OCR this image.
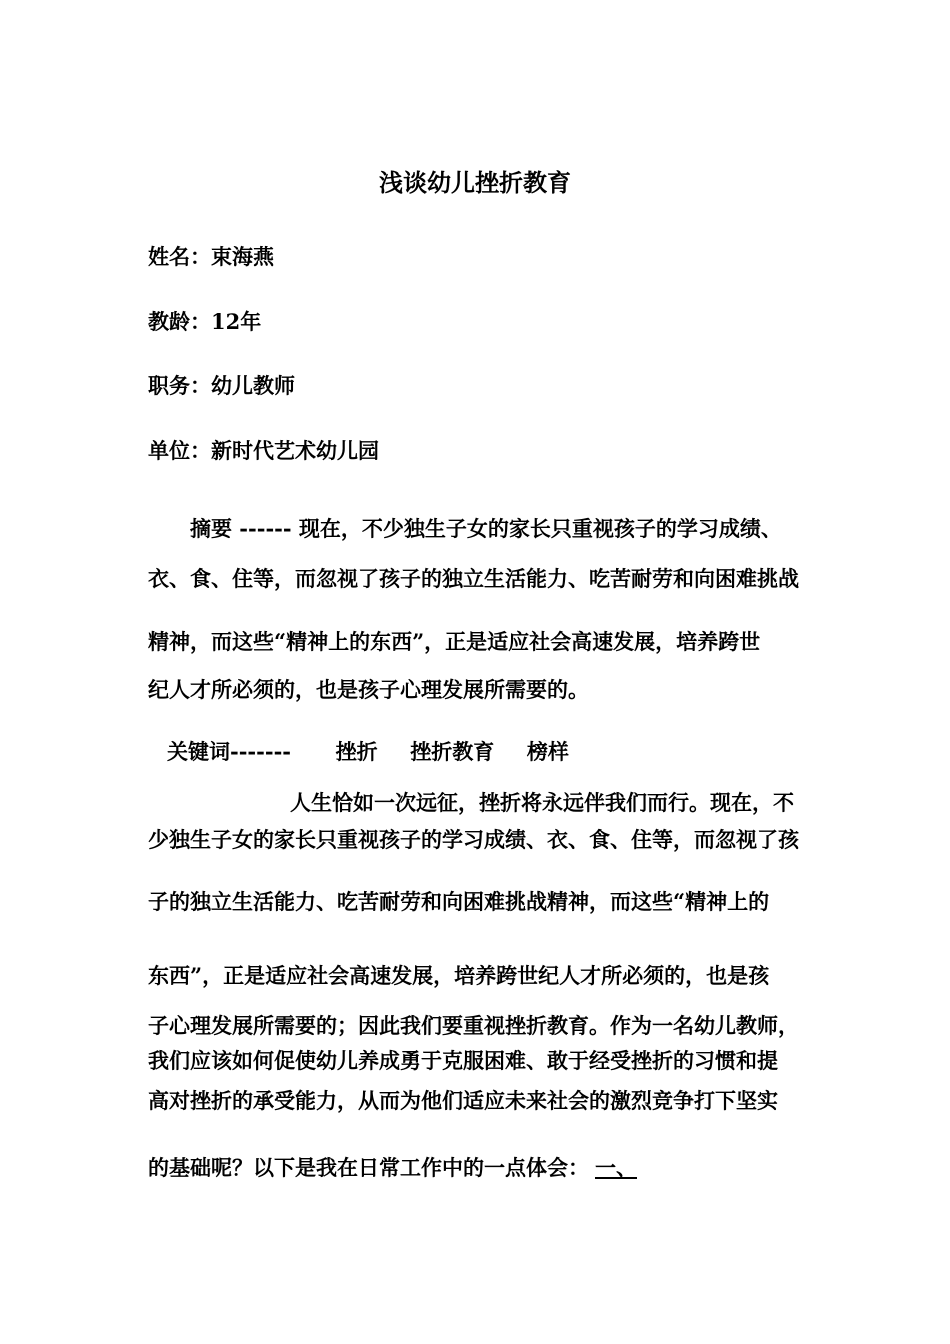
浅谈幼儿挫折教育

姓名：束海燕

教龄：12年

职务：幼儿教师

单位：新时代艺术幼儿园

摘要 ------ 现在，不少独生子女的家长只重视孩子的学习成绩、

衣、食、住等，而忽视了孩子的独立生活能力、吃苦耐劳和向困难挑战

精神，而这些“精神上的东西”，正是适应社会高速发展，培养跨世

纪人才所必须的，也是孩子心理发展所需要的。

关键词------- 挫折 挫折教育 榜样

人生恰如一次远征，挫折将永远伴我们而行。现在，不

少独生子女的家长只重视孩子的学习成绩、衣、食、住等，而忽视了孩

子的独立生活能力、吃苦耐劳和向困难挑战精神，而这些“精神上的

东西”，正是适应社会高速发展，培养跨世纪人才所必须的，也是孩

子心理发展所需要的；因此我们要重视挫折教育。作为一名幼儿教师，

我们应该如何促使幼儿养成勇于克服困难、敢于经受挫折的习惯和提

高对挫折的承受能力，从而为他们适应未来社会的激烈竞争打下坚实

的基础呢？以下是我在日常工作中的一点体会： 一、
